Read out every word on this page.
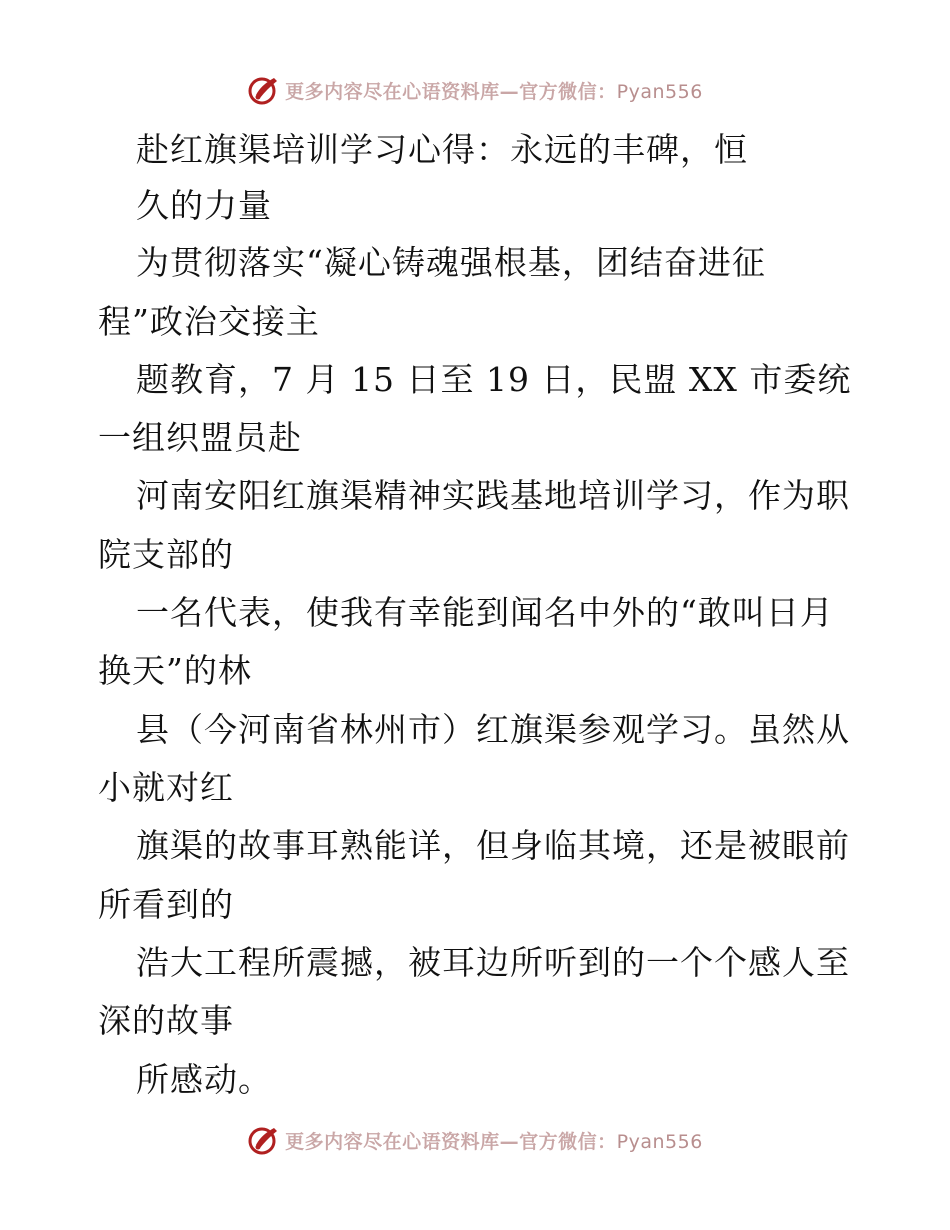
更多内容尽在心语资料库—官方微信：Pyan556
赴红旗渠培训学习心得：永远的丰碑，恒
久的力量
为贯彻落实“凝心铸魂强根基，团结奋进征
程”政治交接主
题教育，7 月 15 日至 19 日，民盟 XX 市委统
一组织盟员赴
河南安阳红旗渠精神实践基地培训学习，作为职
院支部的
一名代表，使我有幸能到闻名中外的“敢叫日月
换天”的林
县（今河南省林州市）红旗渠参观学习。虽然从
小就对红
旗渠的故事耳熟能详，但身临其境，还是被眼前
所看到的
浩大工程所震撼，被耳边所听到的一个个感人至
深的故事
所感动。
更多内容尽在心语资料库—官方微信：Pyan556
